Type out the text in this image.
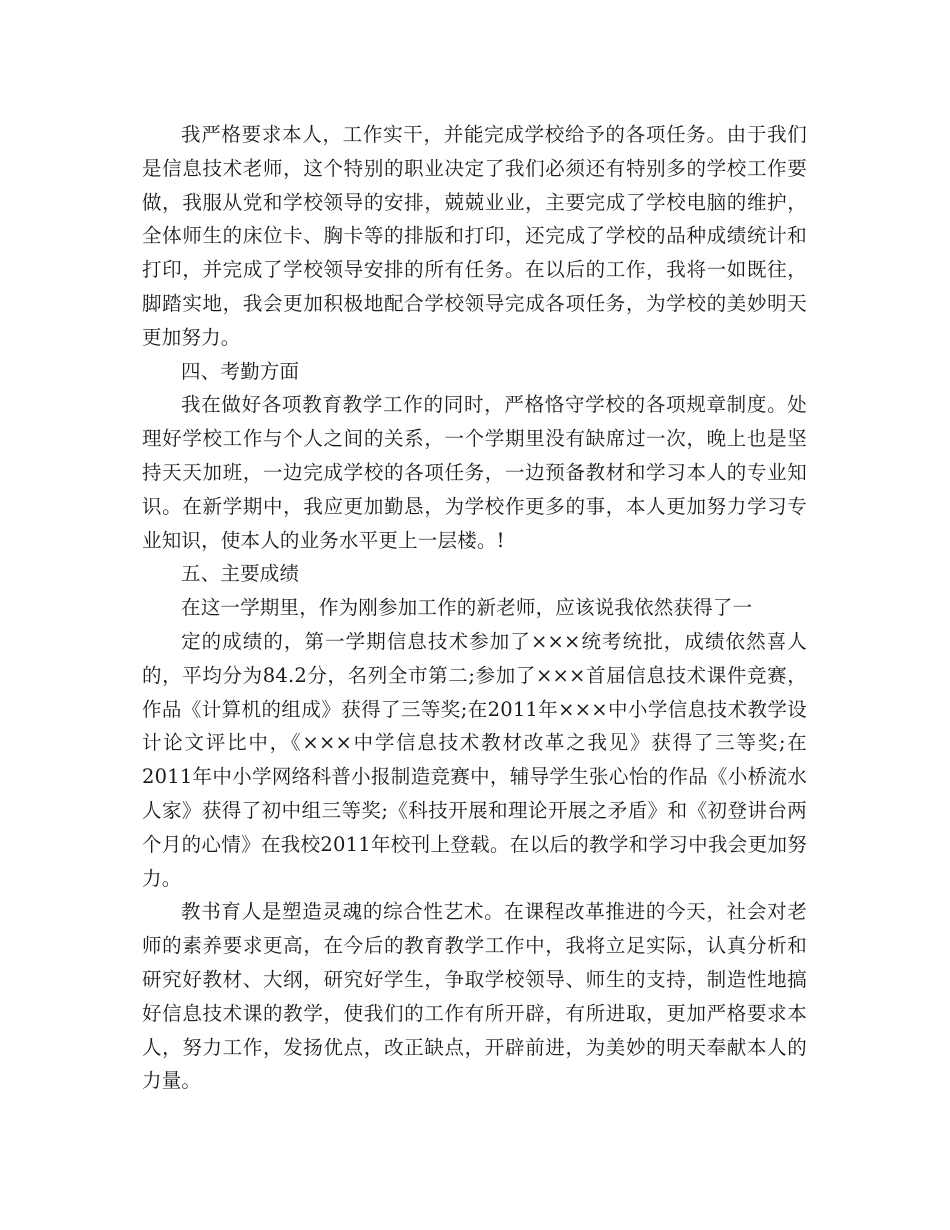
我严格要求本人，工作实干，并能完成学校给予的各项任务。由于我们是信息技术老师，这个特别的职业决定了我们必须还有特别多的学校工作要做，我服从党和学校领导的安排，兢兢业业，主要完成了学校电脑的维护，全体师生的床位卡、胸卡等的排版和打印，还完成了学校的品种成绩统计和打印，并完成了学校领导安排的所有任务。在以后的工作，我将一如既往，脚踏实地，我会更加积极地配合学校领导完成各项任务，为学校的美妙明天更加努力。

四、考勤方面

我在做好各项教育教学工作的同时，严格恪守学校的各项规章制度。处理好学校工作与个人之间的关系，一个学期里没有缺席过一次，晚上也是坚持天天加班，一边完成学校的各项任务，一边预备教材和学习本人的专业知识。在新学期中，我应更加勤恳，为学校作更多的事，本人更加努力学习专业知识，使本人的业务水平更上一层楼。!

五、主要成绩

在这一学期里，作为刚参加工作的新老师，应该说我依然获得了一

定的成绩的，第一学期信息技术参加了×××统考统批，成绩依然喜人的，平均分为84.2分，名列全市第二;参加了×××首届信息技术课件竞赛，作品《计算机的组成》获得了三等奖;在2011年×××中小学信息技术教学设计论文评比中，《×××中学信息技术教材改革之我见》获得了三等奖;在2011年中小学网络科普小报制造竞赛中，辅导学生张心怡的作品《小桥流水人家》获得了初中组三等奖;《科技开展和理论开展之矛盾》和《初登讲台两个月的心情》在我校2011年校刊上登载。在以后的教学和学习中我会更加努力。

教书育人是塑造灵魂的综合性艺术。在课程改革推进的今天，社会对老师的素养要求更高，在今后的教育教学工作中，我将立足实际，认真分析和研究好教材、大纲，研究好学生，争取学校领导、师生的支持，制造性地搞好信息技术课的教学，使我们的工作有所开辟，有所进取，更加严格要求本人，努力工作，发扬优点，改正缺点，开辟前进，为美妙的明天奉献本人的力量。
